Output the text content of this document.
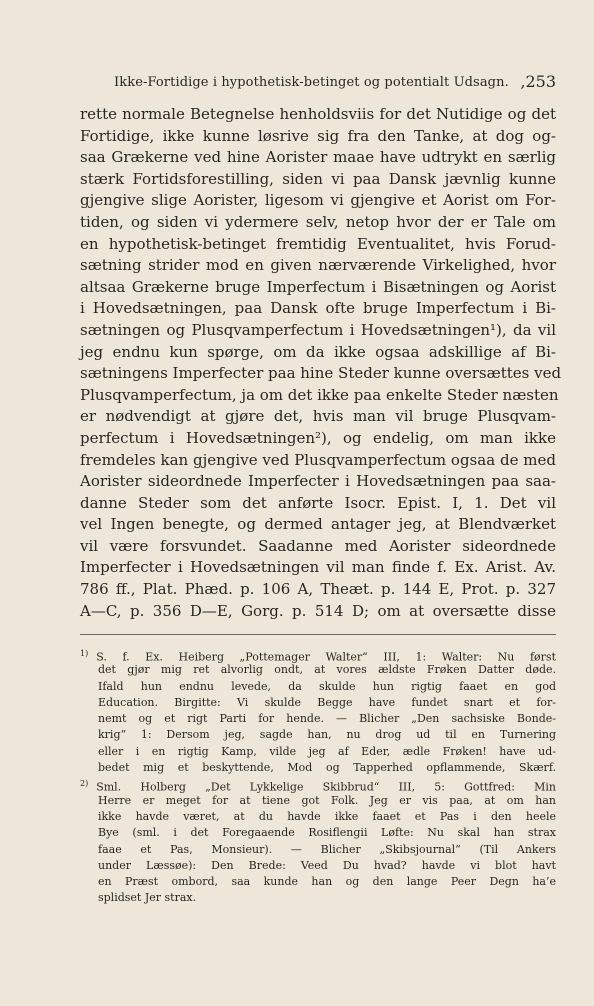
Ikke-Fortidige i hypothetisk-betinget og potentialt Udsagn. ‚253
rette normale Betegnelse henholdsviis for det Nutidige og det
Fortidige, ikke kunne løsrive sig fra den Tanke, at dog og-
saa Grækerne ved hine Aorister maae have udtrykt en særlig
stærk Fortidsforestilling, siden vi paa Dansk jævnlig kunne
gjengive slige Aorister, ligesom vi gjengive et Aorist om For-
tiden, og siden vi ydermere selv, netop hvor der er Tale om
en hypothetisk-betinget fremtidig Eventualitet, hvis Forud-
sætning strider mod en given nærværende Virkelighed, hvor
altsaa Grækerne bruge Imperfectum i Bisætningen og Aorist
i Hovedsætningen, paa Dansk ofte bruge Imperfectum i Bi-
sætningen og Plusqvamperfectum i Hovedsætningen¹), da vil
jeg endnu kun spørge, om da ikke ogsaa adskillige af Bi-
sætningens Imperfecter paa hine Steder kunne oversættes ved
Plusqvamperfectum, ja om det ikke paa enkelte Steder næsten
er nødvendigt at gjøre det, hvis man vil bruge Plusqvam-
perfectum i Hovedsætningen²), og endelig, om man ikke
fremdeles kan gjengive ved Plusqvamperfectum ogsaa de med
Aorister sideordnede Imperfecter i Hovedsætningen paa saa-
danne Steder som det anførte Isocr. Epist. I, 1. Det vil
vel Ingen benegte, og dermed antager jeg, at Blendværket
vil være forsvundet. Saadanne med Aorister sideordnede
Imperfecter i Hovedsætningen vil man finde f. Ex. Arist. Av.
786 ff., Plat. Phæd. p. 106 A, Theæt. p. 144 E, Prot. p. 327
A—C, p. 356 D—E, Gorg. p. 514 D; om at oversætte disse
$^{1)}$ S. f. Ex. Heiberg „Pottemager Walter“ III, 1: Walter: Nu først
det gjør mig ret alvorlig ondt, at vores ældste Frøken Datter døde.
Ifald hun endnu levede, da skulde hun rigtig faaet en god
Education. Birgitte: Vi skulde Begge have fundet snart et for-
nemt og et rigt Parti for hende. — Blicher „Den sachsiske Bonde-
krig“ 1: Dersom jeg, sagde han, nu drog ud til en Turnering
eller i en rigtig Kamp, vilde jeg af Eder, ædle Frøken! have ud-
bedet mig et beskyttende, Mod og Tapperhed opflammende, Skærf.
$^{2)}$ Sml. Holberg „Det Lykkelige Skibbrud“ III, 5: Gottfred: Min
Herre er meget for at tiene got Folk. Jeg er vis paa, at om han
ikke havde været, at du havde ikke faaet et Pas i den heele
Bye (sml. i det Foregaaende Rosiflengii Løfte: Nu skal han strax
faae et Pas, Monsieur). — Blicher „Skibsjournal“ (Til Ankers
under Læssøe): Den Brede: Veed Du hvad? havde vi blot havt
en Præst ombord, saa kunde han og den lange Peer Degn ha’e
splidset Jer strax.
